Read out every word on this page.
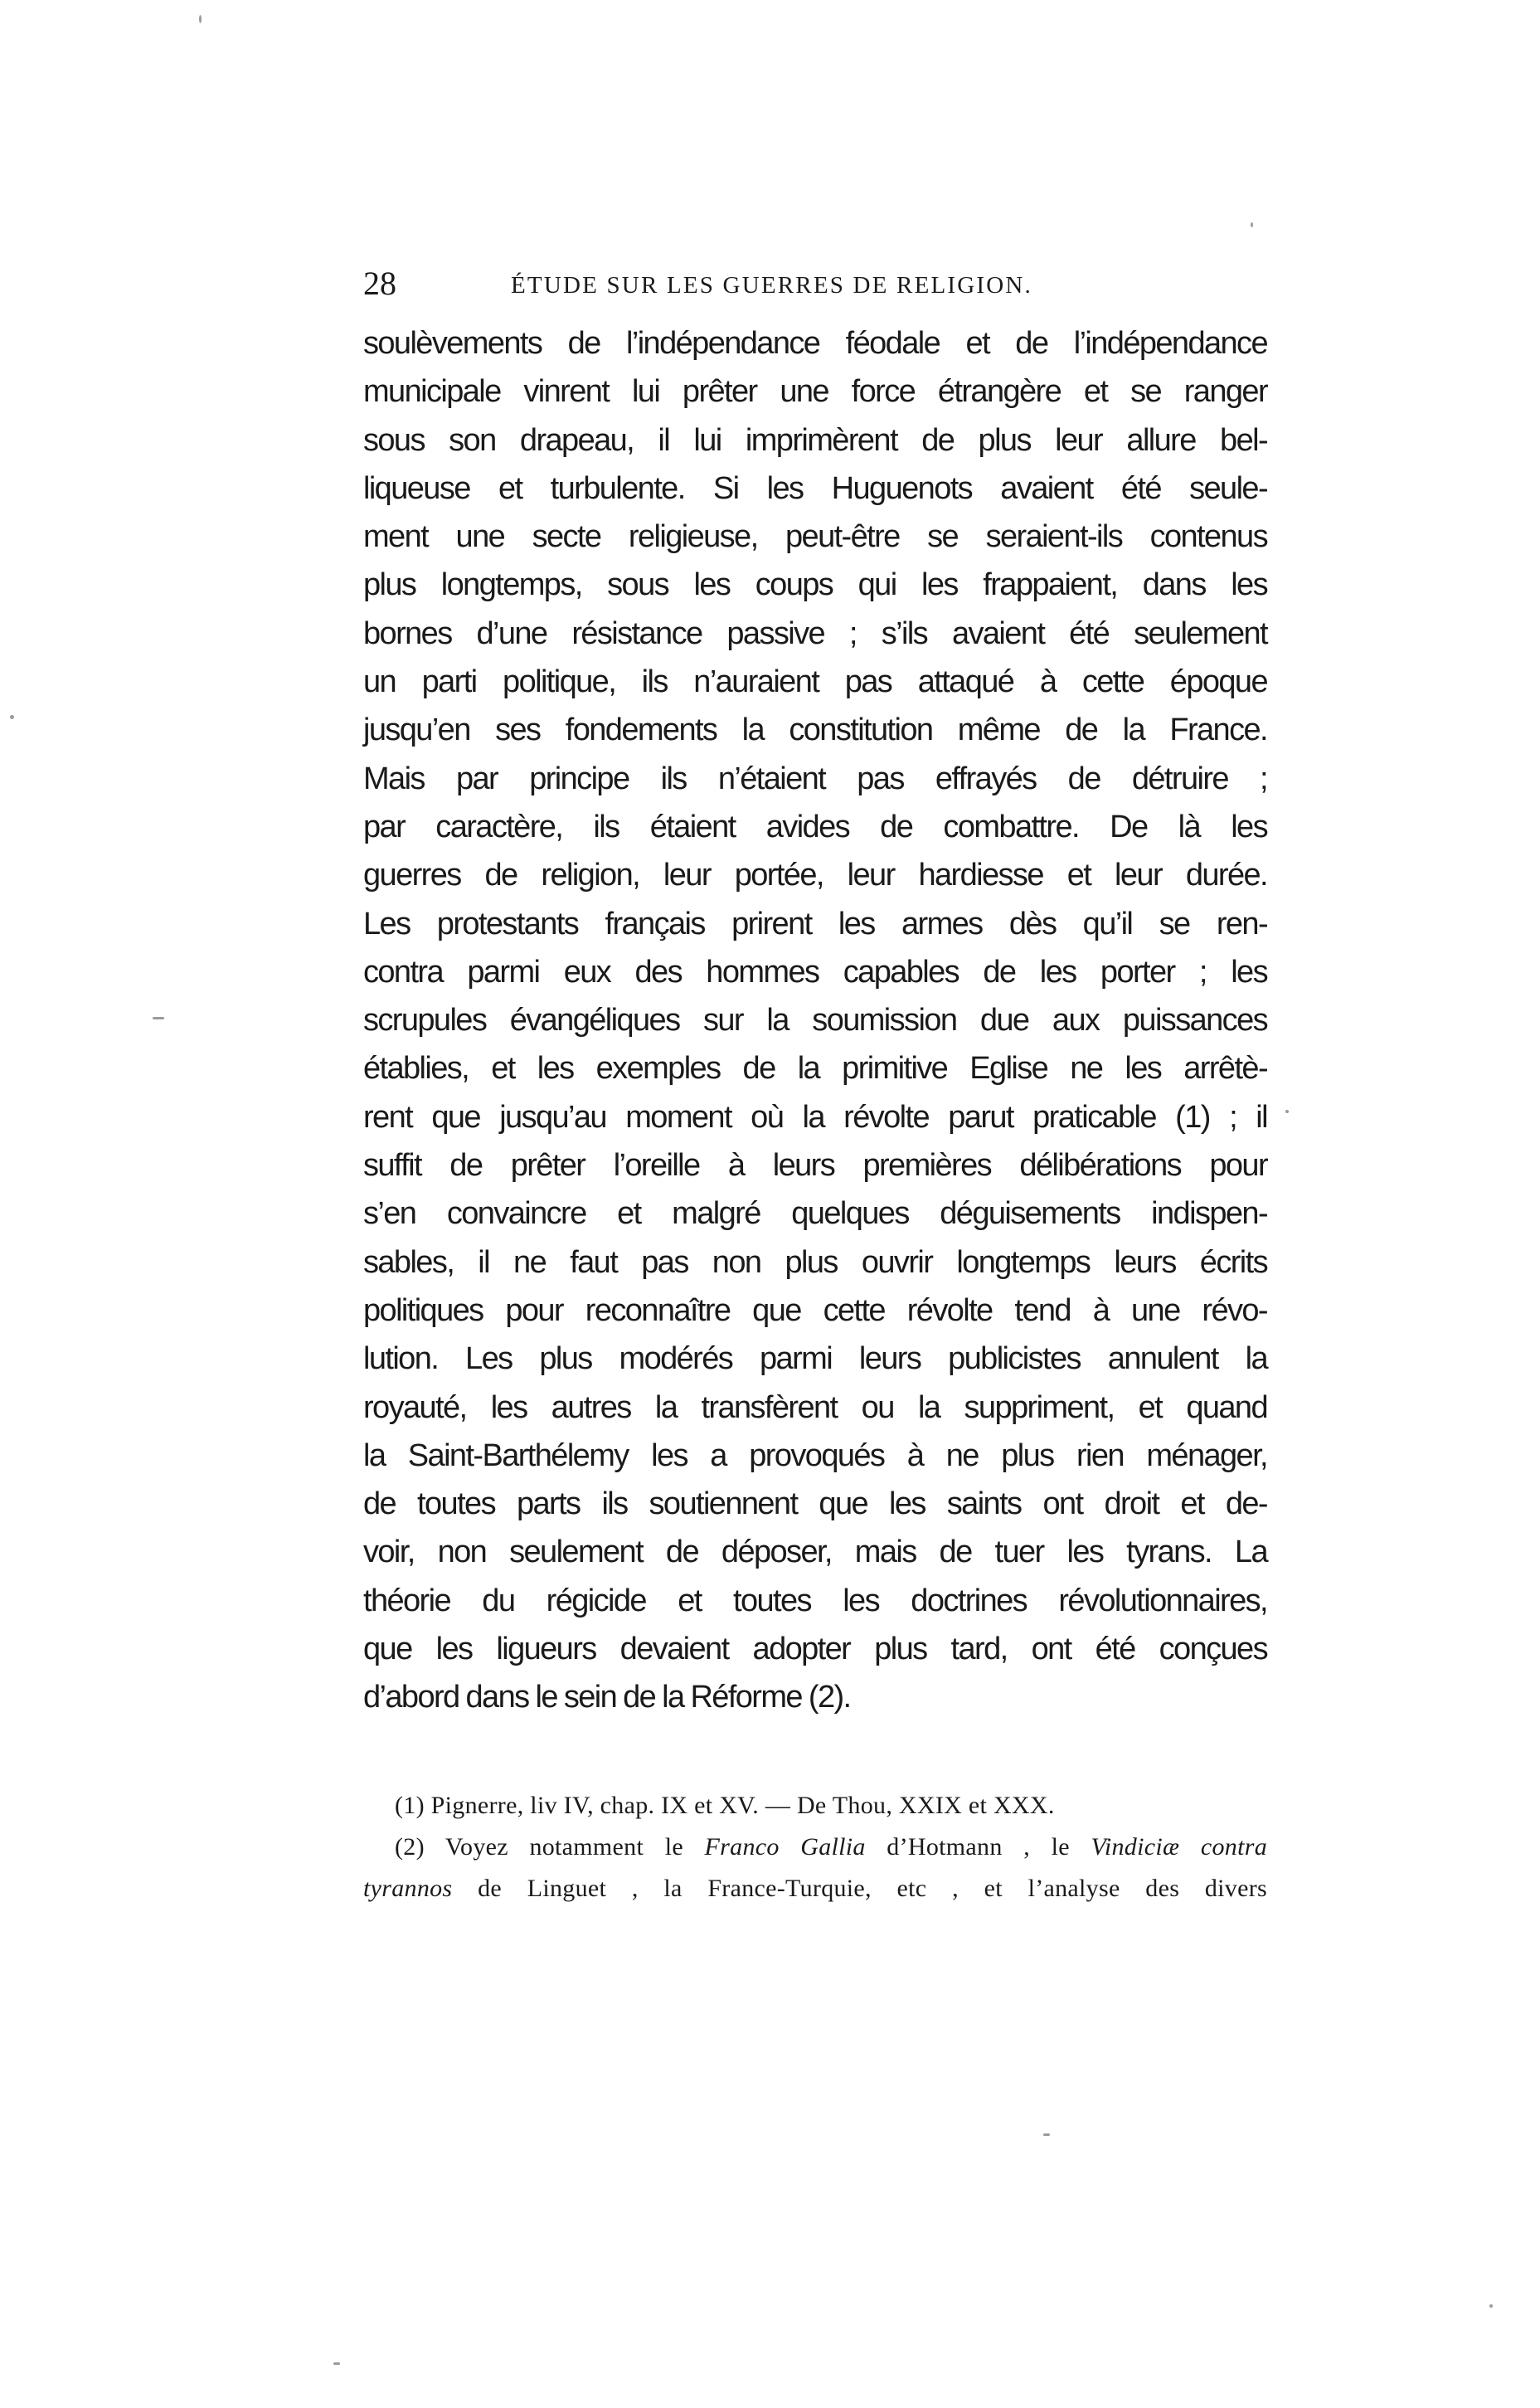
28	ÉTUDE SUR LES GUERRES DE RELIGION.
soulèvements de l’indépendance féodale et de l’indépendance
municipale vinrent lui prêter une force étrangère et se ranger
sous son drapeau, il lui imprimèrent de plus leur allure bel-
liqueuse et turbulente. Si les Huguenots avaient été seule-
ment une secte religieuse, peut-être se seraient-ils contenus
plus longtemps, sous les coups qui les frappaient, dans les
bornes d’une résistance passive ; s’ils avaient été seulement
un parti politique, ils n’auraient pas attaqué à cette époque
jusqu’en ses fondements la constitution même de la France.
Mais par principe ils n’étaient pas effrayés de détruire ;
par caractère, ils étaient avides de combattre. De là les
guerres de religion, leur portée, leur hardiesse et leur durée.
Les protestants français prirent les armes dès qu’il se ren-
contra parmi eux des hommes capables de les porter ; les
scrupules évangéliques sur la soumission due aux puissances
établies, et les exemples de la primitive Eglise ne les arrêtè-
rent que jusqu’au moment où la révolte parut praticable (1) ; il
suffit de prêter l’oreille à leurs premières délibérations pour
s’en convaincre et malgré quelques déguisements indispen-
sables, il ne faut pas non plus ouvrir longtemps leurs écrits
politiques pour reconnaître que cette révolte tend à une révo-
lution. Les plus modérés parmi leurs publicistes annulent la
royauté, les autres la transfèrent ou la suppriment, et quand
la Saint-Barthélemy les a provoqués à ne plus rien ménager,
de toutes parts ils soutiennent que les saints ont droit et de-
voir, non seulement de déposer, mais de tuer les tyrans. La
théorie du régicide et toutes les doctrines révolutionnaires,
que les ligueurs devaient adopter plus tard, ont été conçues
d’abord dans le sein de la Réforme (2).
(1) Pignerre, liv IV, chap. IX et XV. — De Thou, XXIX et XXX.
(2) Voyez notamment le Franco Gallia d’Hotmann , le Vindiciæ contra
tyrannos de Linguet , la France-Turquie, etc , et l’analyse des divers
